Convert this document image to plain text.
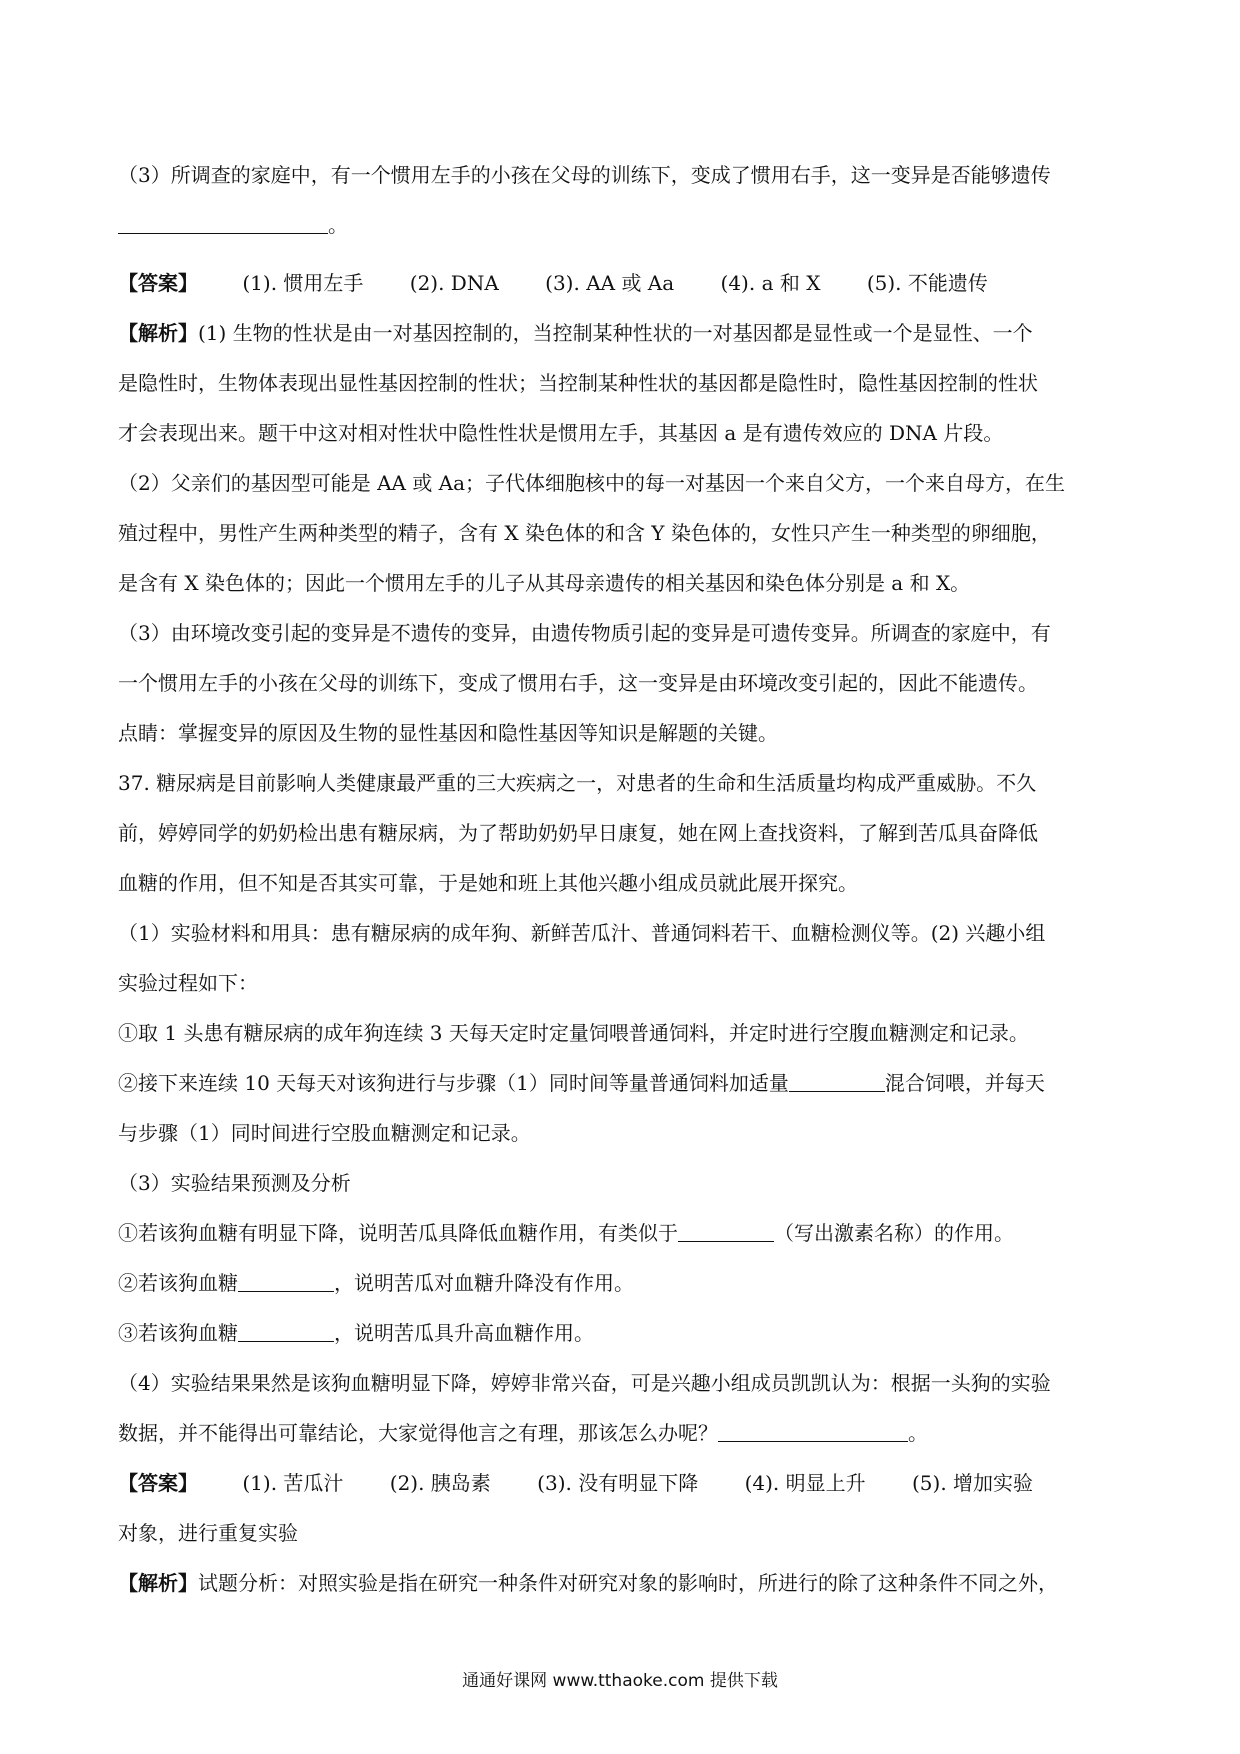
（3）所调查的家庭中，有一个惯用左手的小孩在父母的训练下，变成了惯用右手，这一变异是否能够遗传
。
【答案】 (1). 惯用左手 (2). DNA (3). AA 或 Aa (4). a 和 X (5). 不能遗传
【解析】(1) 生物的性状是由一对基因控制的，当控制某种性状的一对基因都是显性或一个是显性、一个
是隐性时，生物体表现出显性基因控制的性状；当控制某种性状的基因都是隐性时，隐性基因控制的性状
才会表现出来。题干中这对相对性状中隐性性状是惯用左手，其基因 a 是有遗传效应的 DNA 片段。
（2）父亲们的基因型可能是 AA 或 Aa；子代体细胞核中的每一对基因一个来自父方，一个来自母方，在生
殖过程中，男性产生两种类型的精子，含有 X 染色体的和含 Y 染色体的，女性只产生一种类型的卵细胞，
是含有 X 染色体的；因此一个惯用左手的儿子从其母亲遗传的相关基因和染色体分别是 a 和 X。
（3）由环境改变引起的变异是不遗传的变异，由遗传物质引起的变异是可遗传变异。所调查的家庭中，有
一个惯用左手的小孩在父母的训练下，变成了惯用右手，这一变异是由环境改变引起的，因此不能遗传。
点睛：掌握变异的原因及生物的显性基因和隐性基因等知识是解题的关键。
37. 糖尿病是目前影响人类健康最严重的三大疾病之一，对患者的生命和生活质量均构成严重威胁。不久
前，婷婷同学的奶奶检出患有糖尿病，为了帮助奶奶早日康复，她在网上查找资料，了解到苦瓜具奋降低
血糖的作用，但不知是否其实可靠，于是她和班上其他兴趣小组成员就此展开探究。
（1）实验材料和用具：患有糖尿病的成年狗、新鲜苦瓜汁、普通饲料若干、血糖检测仪等。(2) 兴趣小组
实验过程如下：
①取 1 头患有糖尿病的成年狗连续 3 天每天定时定量饲喂普通饲料，并定时进行空腹血糖测定和记录。
②接下来连续 10 天每天对该狗进行与步骤（1）同时间等量普通饲料加适量	混合饲喂，并每天
与步骤（1）同时间进行空股血糖测定和记录。
（3）实验结果预测及分析
①若该狗血糖有明显下降，说明苦瓜具降低血糖作用，有类似于	（写出激素名称）的作用。
②若该狗血糖	，说明苦瓜对血糖升降没有作用。
③若该狗血糖	，说明苦瓜具升高血糖作用。
（4）实验结果果然是该狗血糖明显下降，婷婷非常兴奋，可是兴趣小组成员凯凯认为：根据一头狗的实验
数据，并不能得出可靠结论，大家觉得他言之有理，那该怎么办呢？	。
【答案】 (1). 苦瓜汁 (2). 胰岛素 (3). 没有明显下降 (4). 明显上升 (5). 增加实验
对象，进行重复实验
【解析】试题分析：对照实验是指在研究一种条件对研究对象的影响时，所进行的除了这种条件不同之外，
通通好课网 www.tthaoke.com 提供下载
